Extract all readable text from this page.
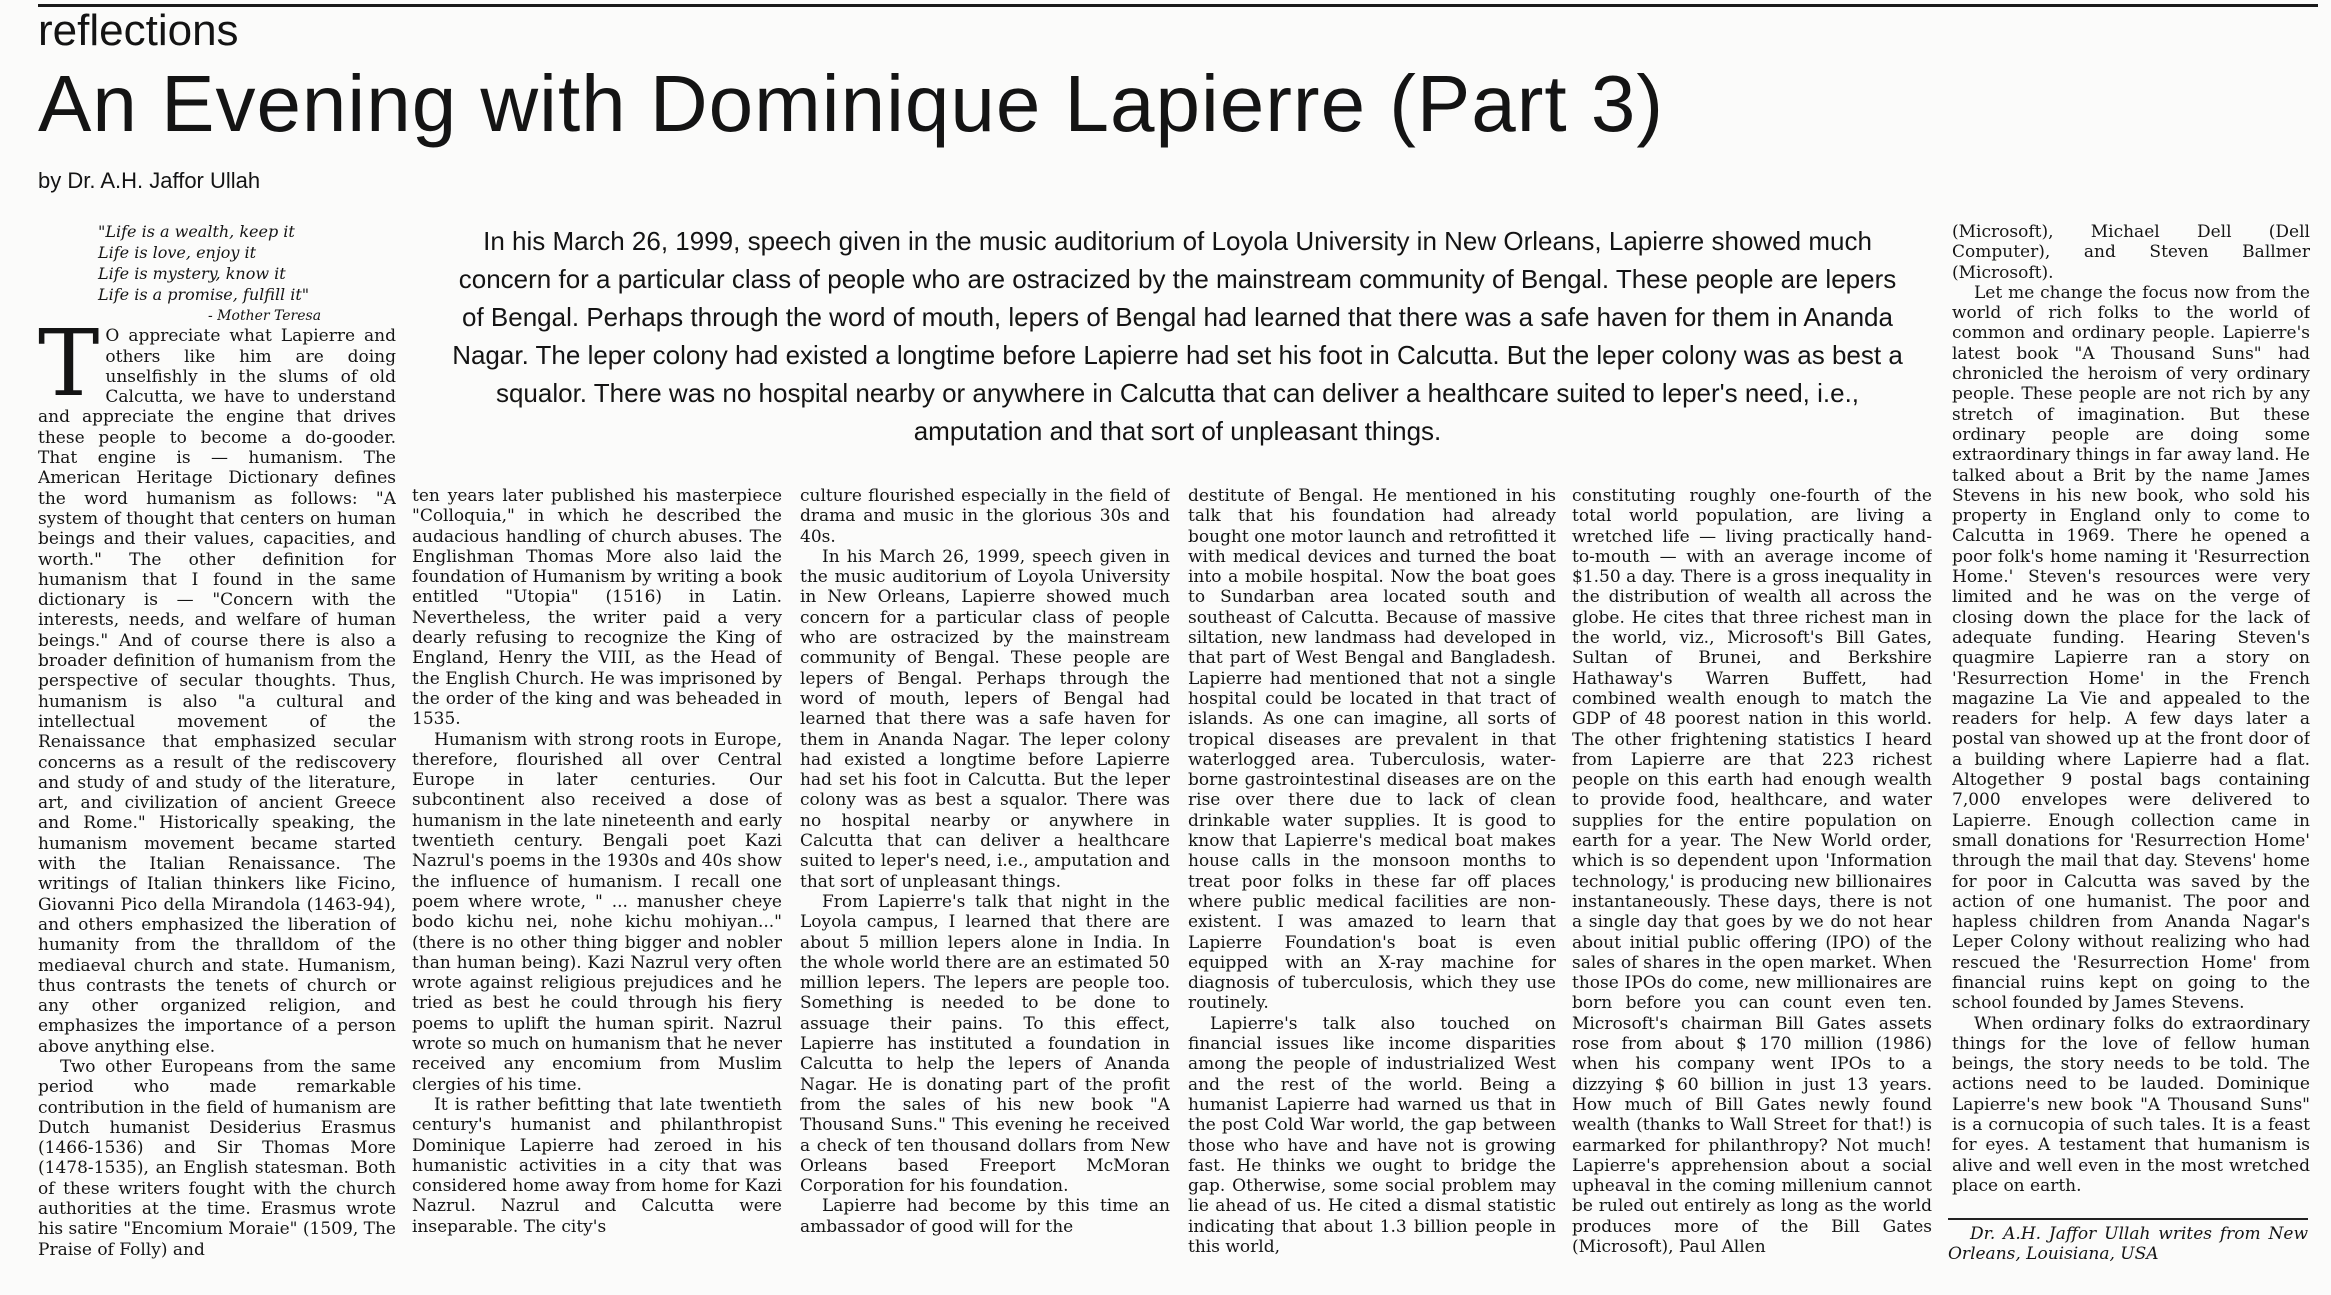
reflections
An Evening with Dominique Lapierre (Part 3)
by Dr. A.H. Jaffor Ullah
In his March 26, 1999, speech given in the music auditorium of Loyola University in New Orleans, Lapierre showed much concern for a particular class of people who are ostracized by the mainstream community of Bengal. These people are lepers of Bengal. Perhaps through the word of mouth, lepers of Bengal had learned that there was a safe haven for them in Ananda Nagar. The leper colony had existed a longtime before Lapierre had set his foot in Calcutta. But the leper colony was as best a squalor. There was no hospital nearby or anywhere in Calcutta that can deliver a healthcare suited to leper's need, i.e., amputation and that sort of unpleasant things.
"Life is a wealth, keep it
Life is love, enjoy it
Life is mystery, know it
Life is a promise, fulfill it"
- Mother Teresa

T O appreciate what Lapierre and others like him are doing unselfishly in the slums of old Calcutta, we have to understand and appreciate the engine that drives these people to become a do-gooder. That engine is — humanism. The American Heritage Dictionary defines the word humanism as follows: "A system of thought that centers on human beings and their values, capacities, and worth." The other definition for humanism that I found in the same dictionary is — "Concern with the interests, needs, and welfare of human beings." And of course there is also a broader definition of humanism from the perspective of secular thoughts. Thus, humanism is also "a cultural and intellectual movement of the Renaissance that emphasized secular concerns as a result of the rediscovery and study of and study of the literature, art, and civilization of ancient Greece and Rome." Historically speaking, the humanism movement became started with the Italian Renaissance. The writings of Italian thinkers like Ficino, Giovanni Pico della Mirandola (1463-94), and others emphasized the liberation of humanity from the thralldom of the mediaeval church and state. Humanism, thus contrasts the tenets of church or any other organized religion, and emphasizes the importance of a person above anything else.

Two other Europeans from the same period who made remarkable contribution in the field of humanism are Dutch humanist Desiderius Erasmus (1466-1536) and Sir Thomas More (1478-1535), an English statesman. Both of these writers fought with the church authorities at the time. Erasmus wrote his satire "Encomium Moraie" (1509, The Praise of Folly) and

ten years later published his masterpiece "Colloquia," in which he described the audacious handling of church abuses. The Englishman Thomas More also laid the foundation of Humanism by writing a book entitled "Utopia" (1516) in Latin. Nevertheless, the writer paid a very dearly refusing to recognize the King of England, Henry the VIII, as the Head of the English Church. He was imprisoned by the order of the king and was beheaded in 1535.

Humanism with strong roots in Europe, therefore, flourished all over Central Europe in later centuries. Our subcontinent also received a dose of humanism in the late nineteenth and early twentieth century. Bengali poet Kazi Nazrul's poems in the 1930s and 40s show the influence of humanism. I recall one poem where wrote, " ... manusher cheye bodo kichu nei, nohe kichu mohiyan..." (there is no other thing bigger and nobler than human being). Kazi Nazrul very often wrote against religious prejudices and he tried as best he could through his fiery poems to uplift the human spirit. Nazrul wrote so much on humanism that he never received any encomium from Muslim clergies of his time.

It is rather befitting that late twentieth century's humanist and philanthropist Dominique Lapierre had zeroed in his humanistic activities in a city that was considered home away from home for Kazi Nazrul. Nazrul and Calcutta were inseparable. The city's

culture flourished especially in the field of drama and music in the glorious 30s and 40s.

In his March 26, 1999, speech given in the music auditorium of Loyola University in New Orleans, Lapierre showed much concern for a particular class of people who are ostracized by the mainstream community of Bengal. These people are lepers of Bengal. Perhaps through the word of mouth, lepers of Bengal had learned that there was a safe haven for them in Ananda Nagar. The leper colony had existed a longtime before Lapierre had set his foot in Calcutta. But the leper colony was as best a squalor. There was no hospital nearby or anywhere in Calcutta that can deliver a healthcare suited to leper's need, i.e., amputation and that sort of unpleasant things.

From Lapierre's talk that night in the Loyola campus, I learned that there are about 5 million lepers alone in India. In the whole world there are an estimated 50 million lepers. The lepers are people too. Something is needed to be done to assuage their pains. To this effect, Lapierre has instituted a foundation in Calcutta to help the lepers of Ananda Nagar. He is donating part of the profit from the sales of his new book "A Thousand Suns." This evening he received a check of ten thousand dollars from New Orleans based Freeport McMoran Corporation for his foundation.

Lapierre had become by this time an ambassador of good will for the

destitute of Bengal. He mentioned in his talk that his foundation had already bought one motor launch and retrofitted it with medical devices and turned the boat into a mobile hospital. Now the boat goes to Sundarban area located south and southeast of Calcutta. Because of massive siltation, new landmass had developed in that part of West Bengal and Bangladesh. Lapierre had mentioned that not a single hospital could be located in that tract of islands. As one can imagine, all sorts of tropical diseases are prevalent in that waterlogged area. Tuberculosis, water-borne gastrointestinal diseases are on the rise over there due to lack of clean drinkable water supplies. It is good to know that Lapierre's medical boat makes house calls in the monsoon months to treat poor folks in these far off places where public medical facilities are non-existent. I was amazed to learn that Lapierre Foundation's boat is even equipped with an X-ray machine for diagnosis of tuberculosis, which they use routinely.

Lapierre's talk also touched on financial issues like income disparities among the people of industrialized West and the rest of the world. Being a humanist Lapierre had warned us that in the post Cold War world, the gap between those who have and have not is growing fast. He thinks we ought to bridge the gap. Otherwise, some social problem may lie ahead of us. He cited a dismal statistic indicating that about 1.3 billion people in this world,

constituting roughly one-fourth of the total world population, are living a wretched life — living practically hand-to-mouth — with an average income of $1.50 a day. There is a gross inequality in the distribution of wealth all across the globe. He cites that three richest man in the world, viz., Microsoft's Bill Gates, Sultan of Brunei, and Berkshire Hathaway's Warren Buffett, had combined wealth enough to match the GDP of 48 poorest nation in this world. The other frightening statistics I heard from Lapierre are that 223 richest people on this earth had enough wealth to provide food, healthcare, and water supplies for the entire population on earth for a year. The New World order, which is so dependent upon 'Information technology,' is producing new billionaires instantaneously. These days, there is not a single day that goes by we do not hear about initial public offering (IPO) of the sales of shares in the open market. When those IPOs do come, new millionaires are born before you can count even ten. Microsoft's chairman Bill Gates assets rose from about $ 170 million (1986) when his company went IPOs to a dizzying $ 60 billion in just 13 years. How much of Bill Gates newly found wealth (thanks to Wall Street for that!) is earmarked for philanthropy? Not much! Lapierre's apprehension about a social upheaval in the coming millenium cannot be ruled out entirely as long as the world produces more of the Bill Gates (Microsoft), Paul Allen

(Microsoft), Michael Dell (Dell Computer), and Steven Ballmer (Microsoft).

Let me change the focus now from the world of rich folks to the world of common and ordinary people. Lapierre's latest book "A Thousand Suns" had chronicled the heroism of very ordinary people. These people are not rich by any stretch of imagination. But these ordinary people are doing some extraordinary things in far away land. He talked about a Brit by the name James Stevens in his new book, who sold his property in England only to come to Calcutta in 1969. There he opened a poor folk's home naming it 'Resurrection Home.' Steven's resources were very limited and he was on the verge of closing down the place for the lack of adequate funding. Hearing Steven's quagmire Lapierre ran a story on 'Resurrection Home' in the French magazine La Vie and appealed to the readers for help. A few days later a postal van showed up at the front door of a building where Lapierre had a flat. Altogether 9 postal bags containing 7,000 envelopes were delivered to Lapierre. Enough collection came in small donations for 'Resurrection Home' through the mail that day. Stevens' home for poor in Calcutta was saved by the action of one humanist. The poor and hapless children from Ananda Nagar's Leper Colony without realizing who had rescued the 'Resurrection Home' from financial ruins kept on going to the school founded by James Stevens.

When ordinary folks do extraordinary things for the love of fellow human beings, the story needs to be told. The actions need to be lauded. Dominique Lapierre's new book "A Thousand Suns" is a cornucopia of such tales. It is a feast for eyes. A testament that humanism is alive and well even in the most wretched place on earth.

Dr. A.H. Jaffor Ullah writes from New Orleans, Louisiana, USA
